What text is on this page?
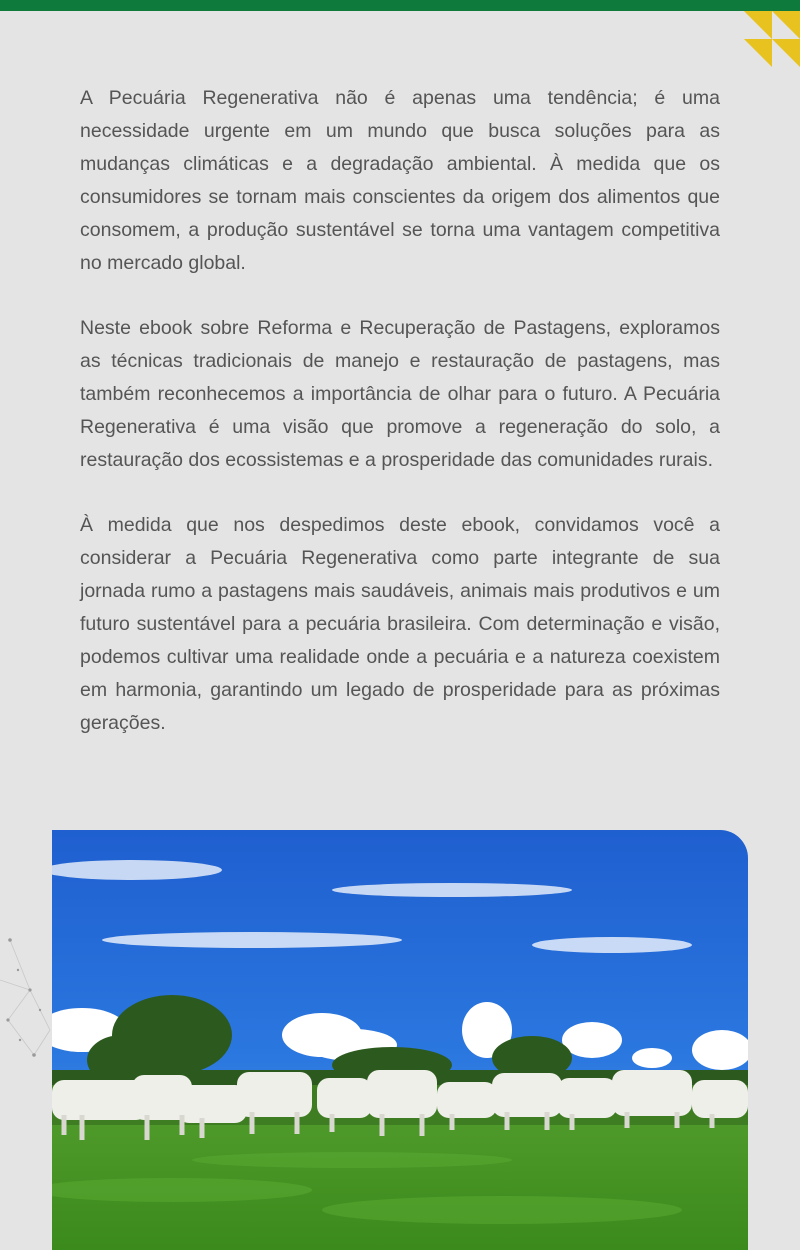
A Pecuária Regenerativa não é apenas uma tendência; é uma necessidade urgente em um mundo que busca soluções para as mudanças climáticas e a degradação ambiental. À medida que os consumidores se tornam mais conscientes da origem dos alimentos que consomem, a produção sustentável se torna uma vantagem competitiva no mercado global.

Neste ebook sobre Reforma e Recuperação de Pastagens, exploramos as técnicas tradicionais de manejo e restauração de pastagens, mas também reconhecemos a importância de olhar para o futuro. A Pecuária Regenerativa é uma visão que promove a regeneração do solo, a restauração dos ecossistemas e a prosperidade das comunidades rurais.

À medida que nos despedimos deste ebook, convidamos você a considerar a Pecuária Regenerativa como parte integrante de sua jornada rumo a pastagens mais saudáveis, animais mais produtivos e um futuro sustentável para a pecuária brasileira. Com determinação e visão, podemos cultivar uma realidade onde a pecuária e a natureza coexistem em harmonia, garantindo um legado de prosperidade para as próximas gerações.
